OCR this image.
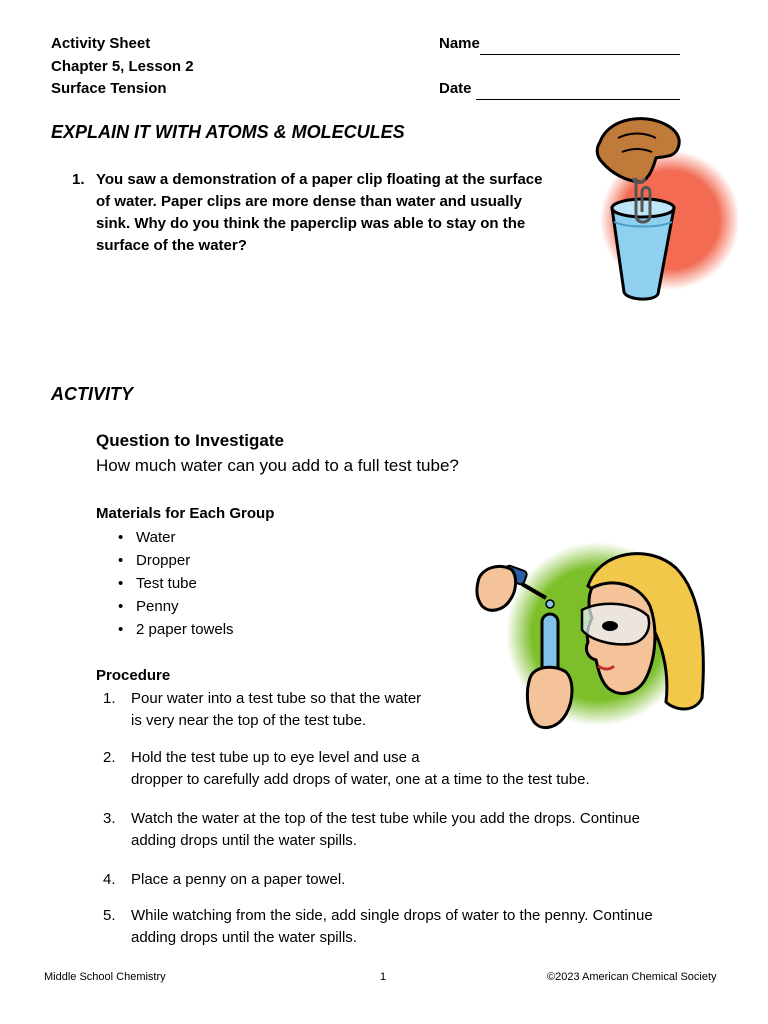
Activity Sheet
Chapter 5, Lesson 2
Surface Tension
Name
Date
EXPLAIN IT WITH ATOMS & MOLECULES
1. You saw a demonstration of a paper clip floating at the surface
of water. Paper clips are more dense than water and usually
sink. Why do you think the paperclip was able to stay on the
surface of the water?
ACTIVITY
Question to Investigate
How much water can you add to a full test tube?
Materials for Each Group
• Water
• Dropper
• Test tube
• Penny
• 2 paper towels
Procedure
1. Pour water into a test tube so that the water
is very near the top of the test tube.
2. Hold the test tube up to eye level and use a
dropper to carefully add drops of water, one at a time to the test tube.
3. Watch the water at the top of the test tube while you add the drops. Continue
adding drops until the water spills.
4. Place a penny on a paper towel.
5. While watching from the side, add single drops of water to the penny. Continue
adding drops until the water spills.
Middle School Chemistry	1	©2023 American Chemical Society
